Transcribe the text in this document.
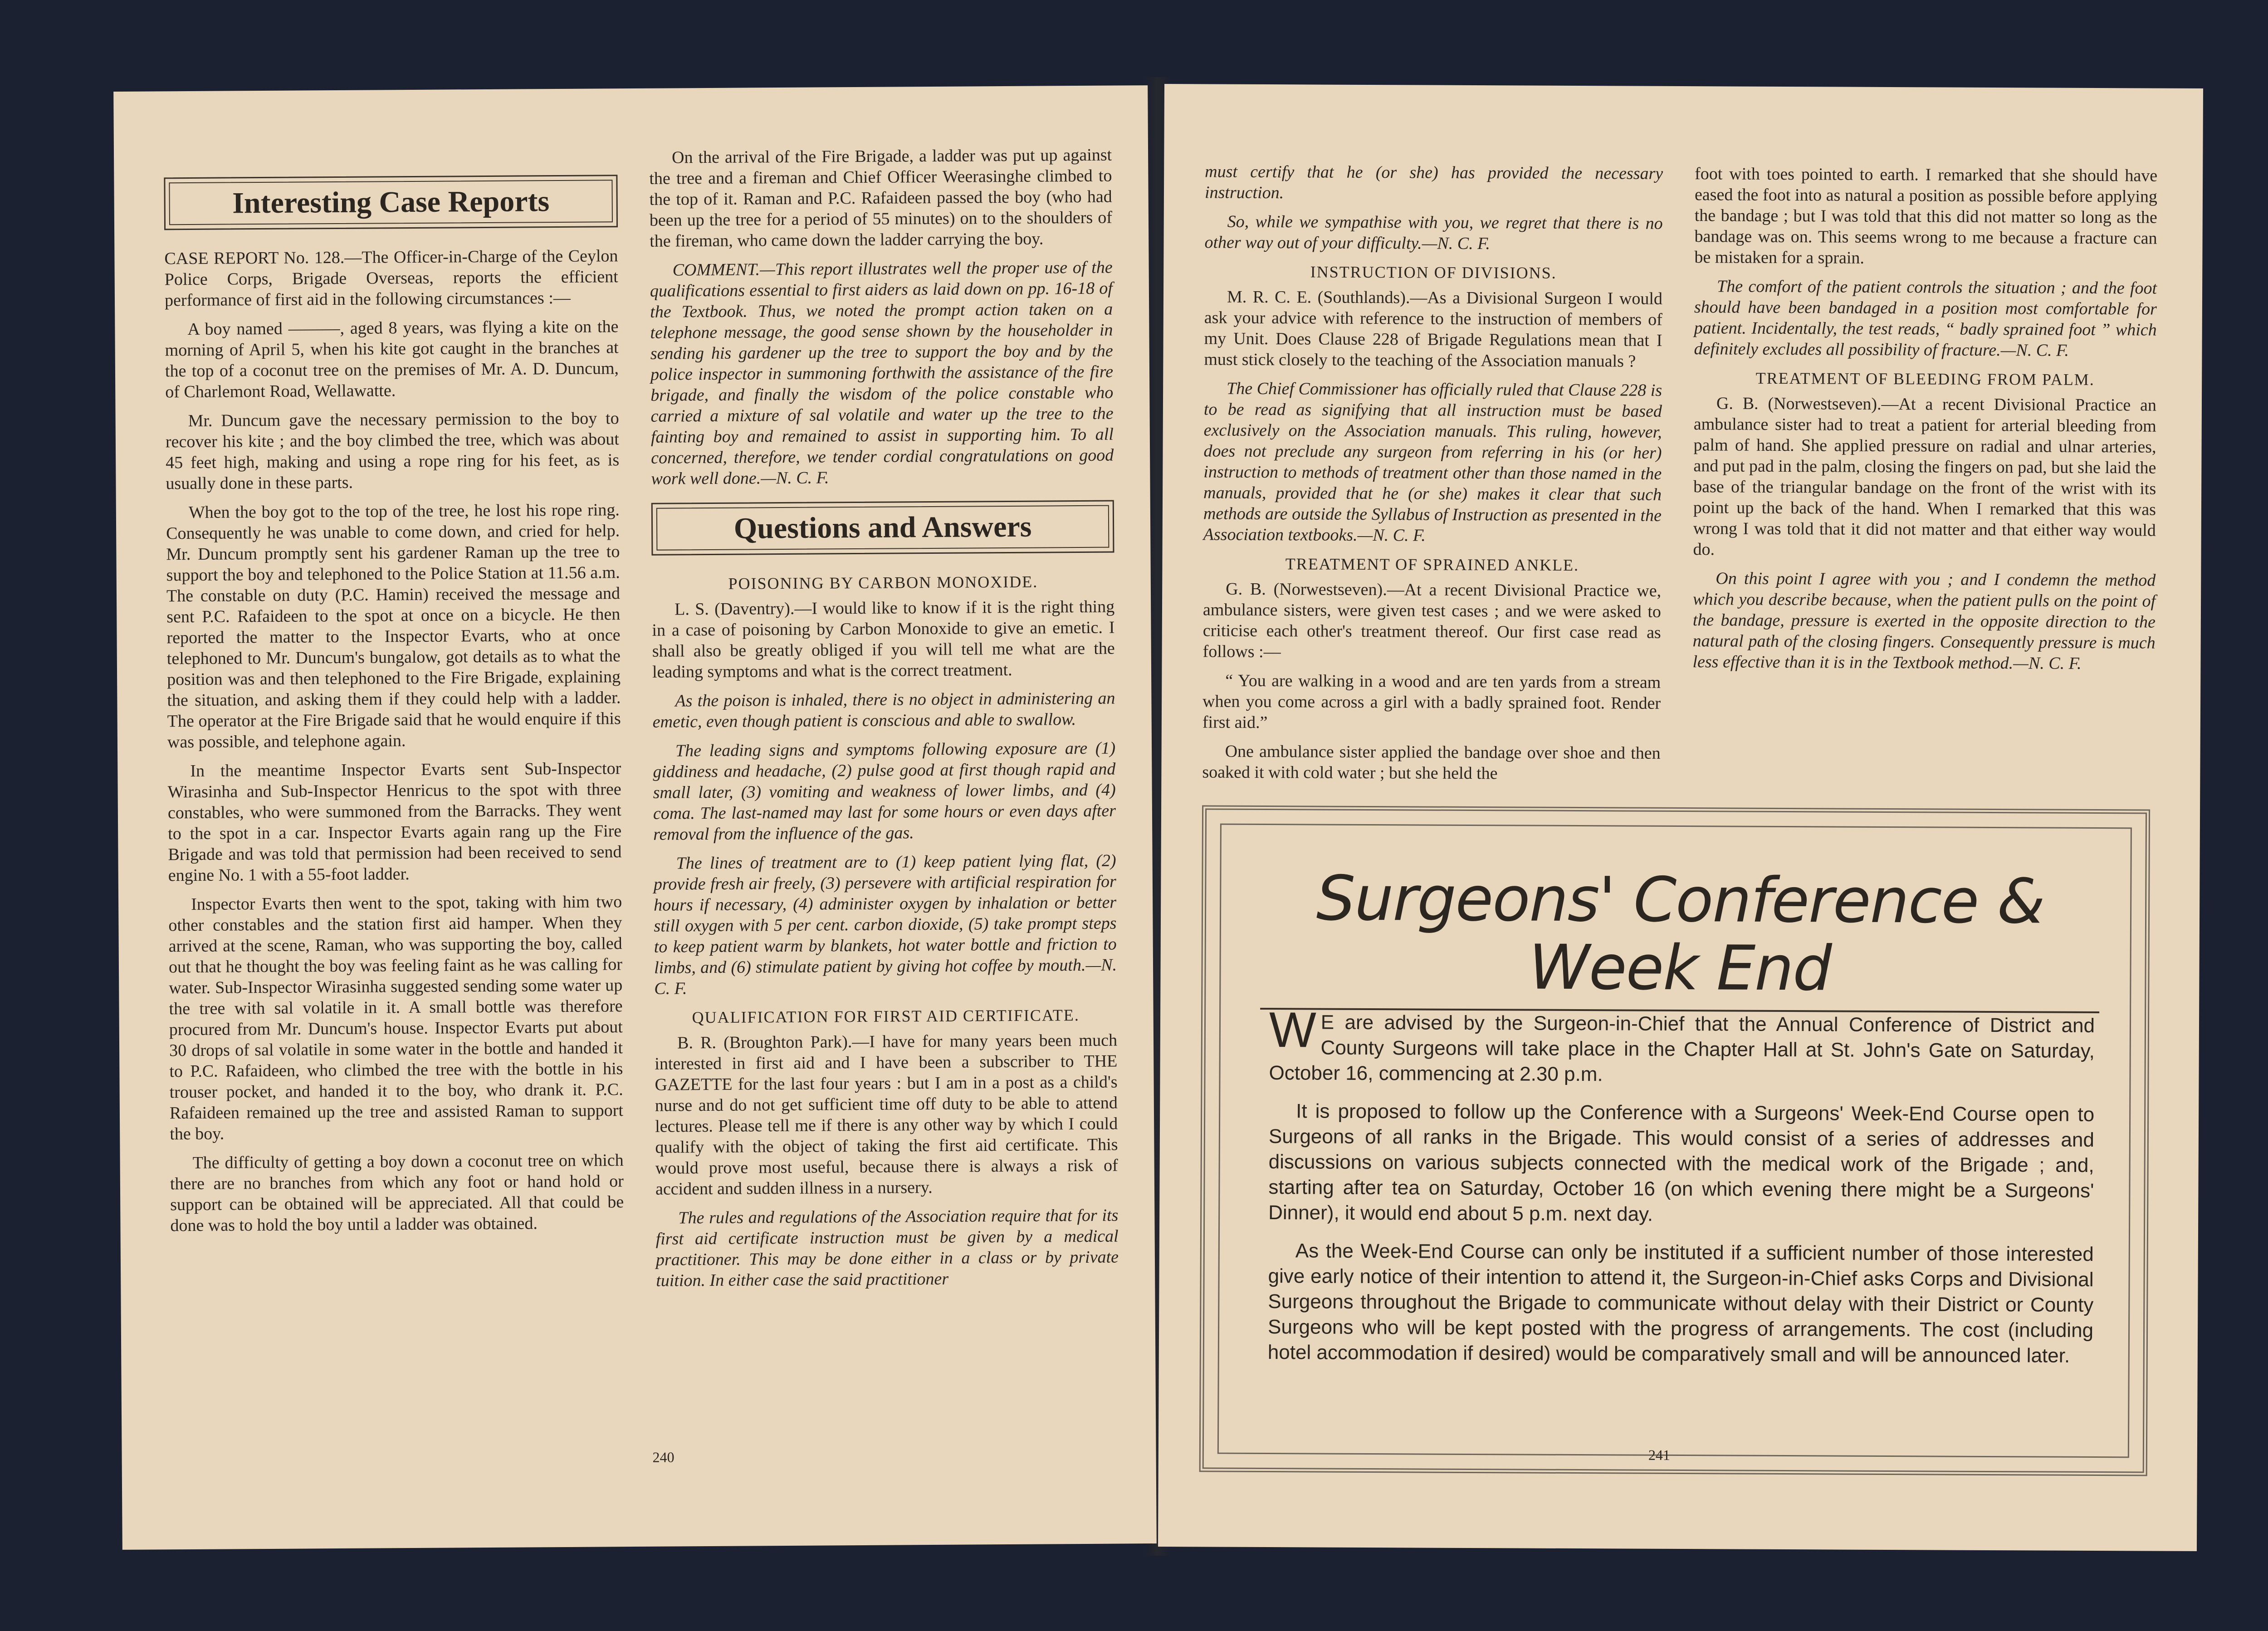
Interesting Case Reports

CASE REPORT No. 128.—The Officer-in-Charge of the Ceylon Police Corps, Brigade Overseas, reports the efficient performance of first aid in the following circumstances :—

A boy named ———, aged 8 years, was flying a kite on the morning of April 5, when his kite got caught in the branches at the top of a coconut tree on the premises of Mr. A. D. Duncum, of Charlemont Road, Wellawatte.

Mr. Duncum gave the necessary permission to the boy to recover his kite ; and the boy climbed the tree, which was about 45 feet high, making and using a rope ring for his feet, as is usually done in these parts.

When the boy got to the top of the tree, he lost his rope ring. Consequently he was unable to come down, and cried for help. Mr. Duncum promptly sent his gardener Raman up the tree to support the boy and telephoned to the Police Station at 11.56 a.m. The constable on duty (P.C. Hamin) received the message and sent P.C. Rafaideen to the spot at once on a bicycle. He then reported the matter to the Inspector Evarts, who at once telephoned to Mr. Duncum's bungalow, got details as to what the position was and then telephoned to the Fire Brigade, explaining the situation, and asking them if they could help with a ladder. The operator at the Fire Brigade said that he would enquire if this was possible, and telephone again.

In the meantime Inspector Evarts sent Sub-Inspector Wirasinha and Sub-Inspector Henricus to the spot with three constables, who were summoned from the Barracks. They went to the spot in a car. Inspector Evarts again rang up the Fire Brigade and was told that permission had been received to send engine No. 1 with a 55-foot ladder.

Inspector Evarts then went to the spot, taking with him two other constables and the station first aid hamper. When they arrived at the scene, Raman, who was supporting the boy, called out that he thought the boy was feeling faint as he was calling for water. Sub-Inspector Wirasinha suggested sending some water up the tree with sal volatile in it. A small bottle was therefore procured from Mr. Duncum's house. Inspector Evarts put about 30 drops of sal volatile in some water in the bottle and handed it to P.C. Rafaideen, who climbed the tree with the bottle in his trouser pocket, and handed it to the boy, who drank it. P.C. Rafaideen remained up the tree and assisted Raman to support the boy.

The difficulty of getting a boy down a coconut tree on which there are no branches from which any foot or hand hold or support can be obtained will be appreciated. All that could be done was to hold the boy until a ladder was obtained.

On the arrival of the Fire Brigade, a ladder was put up against the tree and a fireman and Chief Officer Weerasinghe climbed to the top of it. Raman and P.C. Rafaideen passed the boy (who had been up the tree for a period of 55 minutes) on to the shoulders of the fireman, who came down the ladder carrying the boy.

COMMENT.—This report illustrates well the proper use of the qualifications essential to first aiders as laid down on pp. 16-18 of the Textbook. Thus, we noted the prompt action taken on a telephone message, the good sense shown by the householder in sending his gardener up the tree to support the boy and by the police inspector in summoning forthwith the assistance of the fire brigade, and finally the wisdom of the police constable who carried a mixture of sal volatile and water up the tree to the fainting boy and remained to assist in supporting him. To all concerned, therefore, we tender cordial congratulations on good work well done.—N. C. F.

Questions and Answers
POISONING BY CARBON MONOXIDE.

L. S. (Daventry).—I would like to know if it is the right thing in a case of poisoning by Carbon Monoxide to give an emetic. I shall also be greatly obliged if you will tell me what are the leading symptoms and what is the correct treatment.

As the poison is inhaled, there is no object in administering an emetic, even though patient is conscious and able to swallow.

The leading signs and symptoms following exposure are (1) giddiness and headache, (2) pulse good at first though rapid and small later, (3) vomiting and weakness of lower limbs, and (4) coma. The last-named may last for some hours or even days after removal from the influence of the gas.

The lines of treatment are to (1) keep patient lying flat, (2) provide fresh air freely, (3) persevere with artificial respiration for hours if necessary, (4) administer oxygen by inhalation or better still oxygen with 5 per cent. carbon dioxide, (5) take prompt steps to keep patient warm by blankets, hot water bottle and friction to limbs, and (6) stimulate patient by giving hot coffee by mouth.—N. C. F.

QUALIFICATION FOR FIRST AID CERTIFICATE.

B. R. (Broughton Park).—I have for many years been much interested in first aid and I have been a subscriber to THE GAZETTE for the last four years : but I am in a post as a child's nurse and do not get sufficient time off duty to be able to attend lectures. Please tell me if there is any other way by which I could qualify with the object of taking the first aid certificate. This would prove most useful, because there is always a risk of accident and sudden illness in a nursery.

The rules and regulations of the Association require that for its first aid certificate instruction must be given by a medical practitioner. This may be done either in a class or by private tuition. In either case the said practitioner

240

must certify that he (or she) has provided the necessary instruction.

So, while we sympathise with you, we regret that there is no other way out of your difficulty.—N. C. F.

INSTRUCTION OF DIVISIONS.

M. R. C. E. (Southlands).—As a Divisional Surgeon I would ask your advice with reference to the instruction of members of my Unit. Does Clause 228 of Brigade Regulations mean that I must stick closely to the teaching of the Association manuals ?

The Chief Commissioner has officially ruled that Clause 228 is to be read as signifying that all instruction must be based exclusively on the Association manuals. This ruling, however, does not preclude any surgeon from referring in his (or her) instruction to methods of treatment other than those named in the manuals, provided that he (or she) makes it clear that such methods are outside the Syllabus of Instruction as presented in the Association textbooks.—N. C. F.

TREATMENT OF SPRAINED ANKLE.

G. B. (Norwestseven).—At a recent Divisional Practice we, ambulance sisters, were given test cases ; and we were asked to criticise each other's treatment thereof. Our first case read as follows :—

“ You are walking in a wood and are ten yards from a stream when you come across a girl with a badly sprained foot. Render first aid.”

One ambulance sister applied the bandage over shoe and then soaked it with cold water ; but she held the

foot with toes pointed to earth. I remarked that she should have eased the foot into as natural a position as possible before applying the bandage ; but I was told that this did not matter so long as the bandage was on. This seems wrong to me because a fracture can be mistaken for a sprain.

The comfort of the patient controls the situation ; and the foot should have been bandaged in a position most comfortable for patient. Incidentally, the test reads, “ badly sprained foot ” which definitely excludes all possibility of fracture.—N. C. F.

TREATMENT OF BLEEDING FROM PALM.

G. B. (Norwestseven).—At a recent Divisional Practice an ambulance sister had to treat a patient for arterial bleeding from palm of hand. She applied pressure on radial and ulnar arteries, and put pad in the palm, closing the fingers on pad, but she laid the base of the triangular bandage on the front of the wrist with its point up the back of the hand. When I remarked that this was wrong I was told that it did not matter and that either way would do.

On this point I agree with you ; and I condemn the method which you describe because, when the patient pulls on the point of the bandage, pressure is exerted in the opposite direction to the natural path of the closing fingers. Consequently pressure is much less effective than it is in the Textbook method.—N. C. F.

Surgeons' Conference & Week End

W E are advised by the Surgeon-in-Chief that the Annual Conference of District and County Surgeons will take place in the Chapter Hall at St. John's Gate on Saturday, October 16, commencing at 2.30 p.m.

It is proposed to follow up the Conference with a Surgeons' Week-End Course open to Surgeons of all ranks in the Brigade. This would consist of a series of addresses and discussions on various subjects connected with the medical work of the Brigade ; and, starting after tea on Saturday, October 16 (on which evening there might be a Surgeons' Dinner), it would end about 5 p.m. next day.

As the Week-End Course can only be instituted if a sufficient number of those interested give early notice of their intention to attend it, the Surgeon-in-Chief asks Corps and Divisional Surgeons throughout the Brigade to communicate without delay with their District or County Surgeons who will be kept posted with the progress of arrangements. The cost (including hotel accommodation if desired) would be comparatively small and will be announced later.

241
